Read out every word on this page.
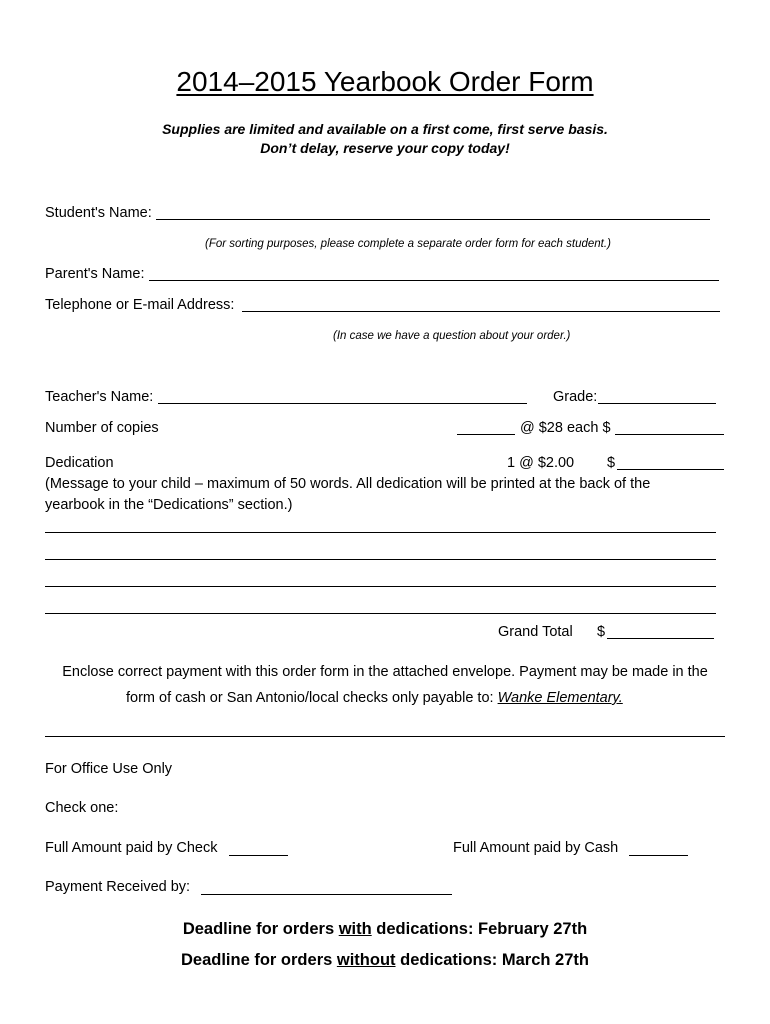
2014–2015 Yearbook Order Form
Supplies are limited and available on a first come, first serve basis.
Don’t delay, reserve your copy today!
Student's Name:
(For sorting purposes, please complete a separate order form for each student.)
Parent's Name:
Telephone or E-mail Address:
(In case we have a question about your order.)
Teacher's Name:	Grade:
Number of copies	@ $28 each $
Dedication	1 @ $2.00 $
(Message to your child – maximum of 50 words. All dedication will be printed at the back of the
yearbook in the “Dedications” section.)
Grand Total $
Enclose correct payment with this order form in the attached envelope. Payment may be made in the
form of cash or San Antonio/local checks only payable to: Wanke Elementary.
For Office Use Only
Check one:
Full Amount paid by Check	Full Amount paid by Cash
Payment Received by:
Deadline for orders with dedications: February 27th
Deadline for orders without dedications: March 27th
